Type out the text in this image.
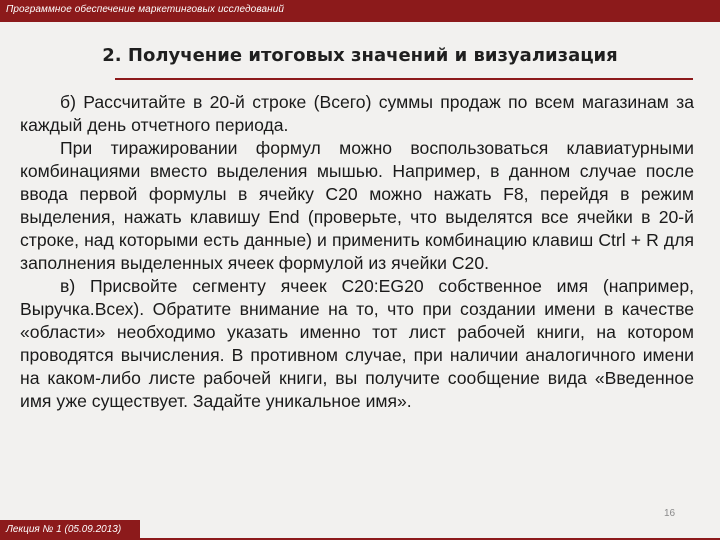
Программное обеспечение маркетинговых исследований
2. Получение итоговых значений и визуализация

б) Рассчитайте в 20-й строке (Всего) суммы продаж по всем магазинам за каждый день отчетного периода.

При тиражировании формул можно воспользоваться клавиатурными комбинациями вместо выделения мышью. Например, в данном случае после ввода первой формулы в ячейку С20 можно нажать F8, перейдя в режим выделения, нажать клавишу End (проверьте, что выделятся все ячейки в 20-й строке, над которыми есть данные) и применить комбинацию клавиш Ctrl + R для заполнения выделенных ячеек формулой из ячейки С20.

в) Присвойте сегменту ячеек С20:EG20 собственное имя (например, Выручка.Всех). Обратите внимание на то, что при создании имени в качестве «области» необходимо указать именно тот лист рабочей книги, на котором проводятся вычисления. В противном случае, при наличии аналогичного имени на каком-либо листе рабочей книги, вы получите сообщение вида «Введенное имя уже существует. Задайте уникальное имя».

16
Лекция № 1 (05.09.2013)
